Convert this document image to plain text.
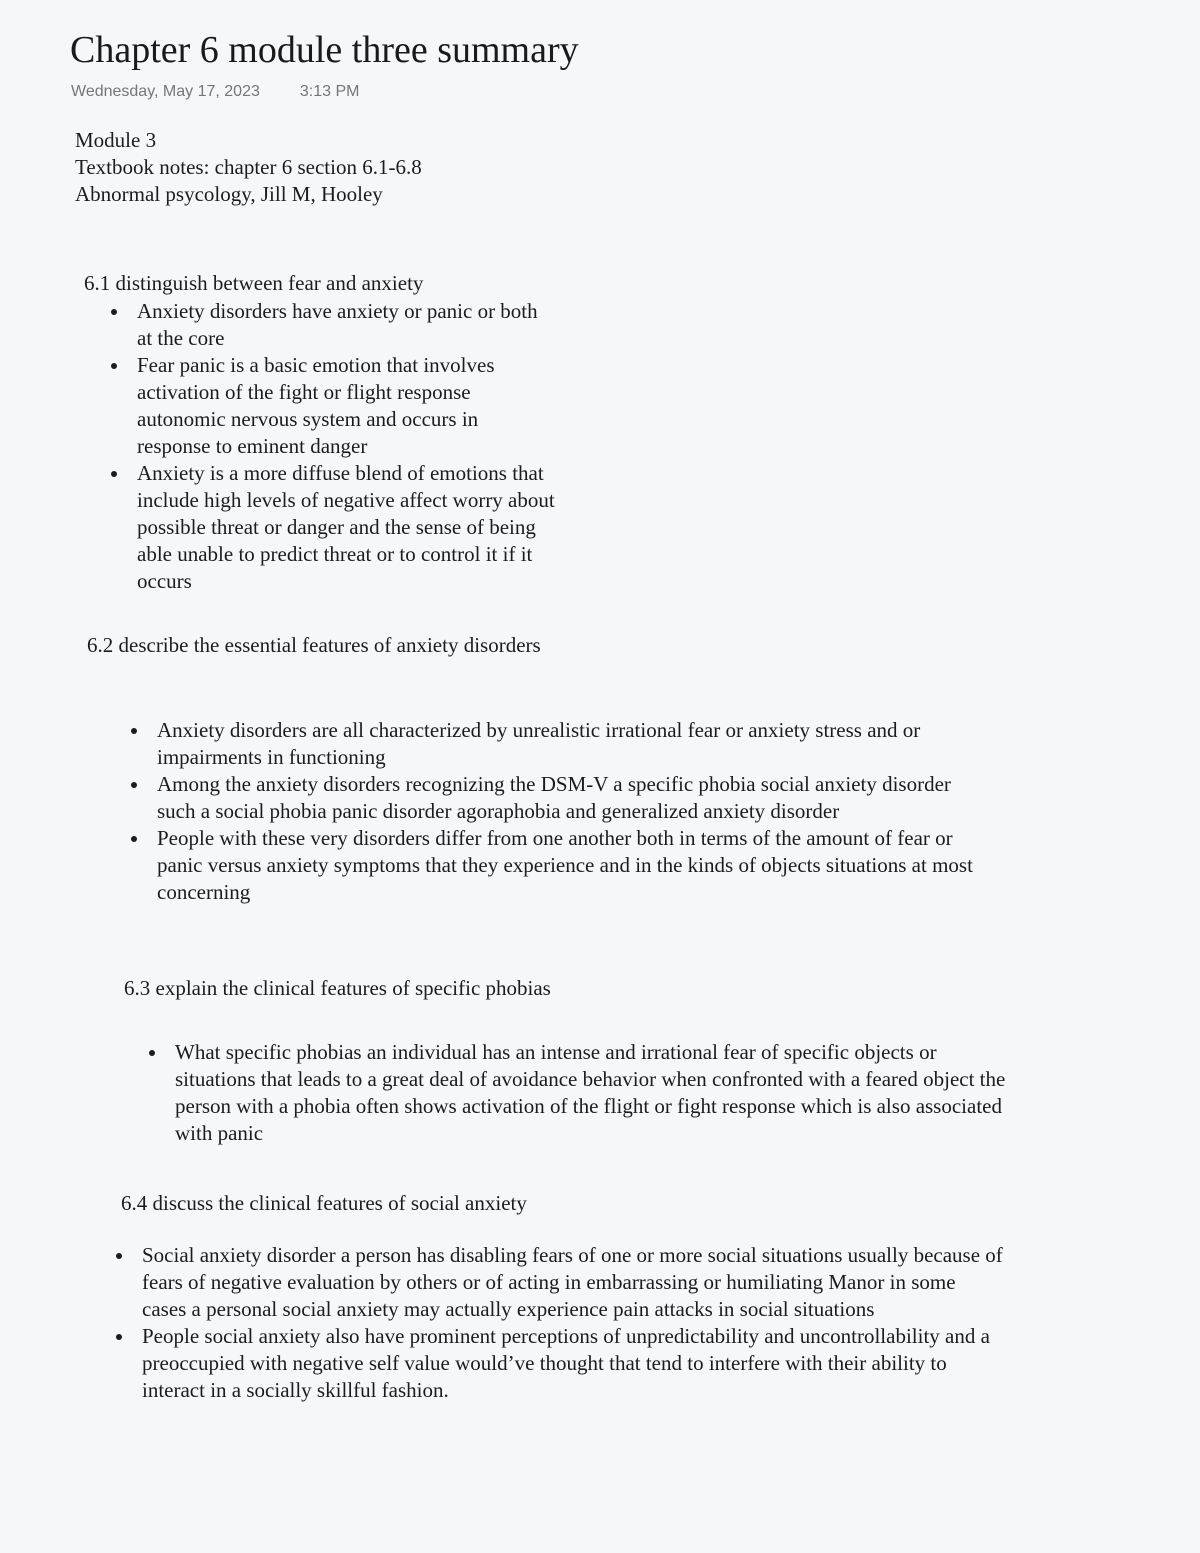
Chapter 6 module three summary
Wednesday, May 17, 2023	3:13 PM
Module 3
Textbook notes: chapter 6 section 6.1-6.8
Abnormal psycology, Jill M, Hooley
6.1 distinguish between fear and anxiety
Anxiety disorders have anxiety or panic or both at the core
Fear panic is a basic emotion that involves activation of the fight or flight response autonomic nervous system and occurs in response to eminent danger
Anxiety is a more diffuse blend of emotions that include high levels of negative affect worry about possible threat or danger and the sense of being able unable to predict threat or to control it if it occurs
6.2 describe the essential features of anxiety disorders
Anxiety disorders are all characterized by unrealistic irrational fear or anxiety stress and or impairments in functioning
Among the anxiety disorders recognizing the DSM-V a specific phobia social anxiety disorder such a social phobia panic disorder agoraphobia and generalized anxiety disorder
People with these very disorders differ from one another both in terms of the amount of fear or panic versus anxiety symptoms that they experience and in the kinds of objects situations at most concerning
6.3 explain the clinical features of specific phobias
What specific phobias an individual has an intense and irrational fear of specific objects or situations that leads to a great deal of avoidance behavior when confronted with a feared object the person with a phobia often shows activation of the flight or fight response which is also associated with panic
6.4 discuss the clinical features of social anxiety
Social anxiety disorder a person has disabling fears of one or more social situations usually because of fears of negative evaluation by others or of acting in embarrassing or humiliating Manor in some cases a personal social anxiety may actually experience pain attacks in social situations
People social anxiety also have prominent perceptions of unpredictability and uncontrollability and a preoccupied with negative self value would’ve thought that tend to interfere with their ability to interact in a socially skillful fashion.
